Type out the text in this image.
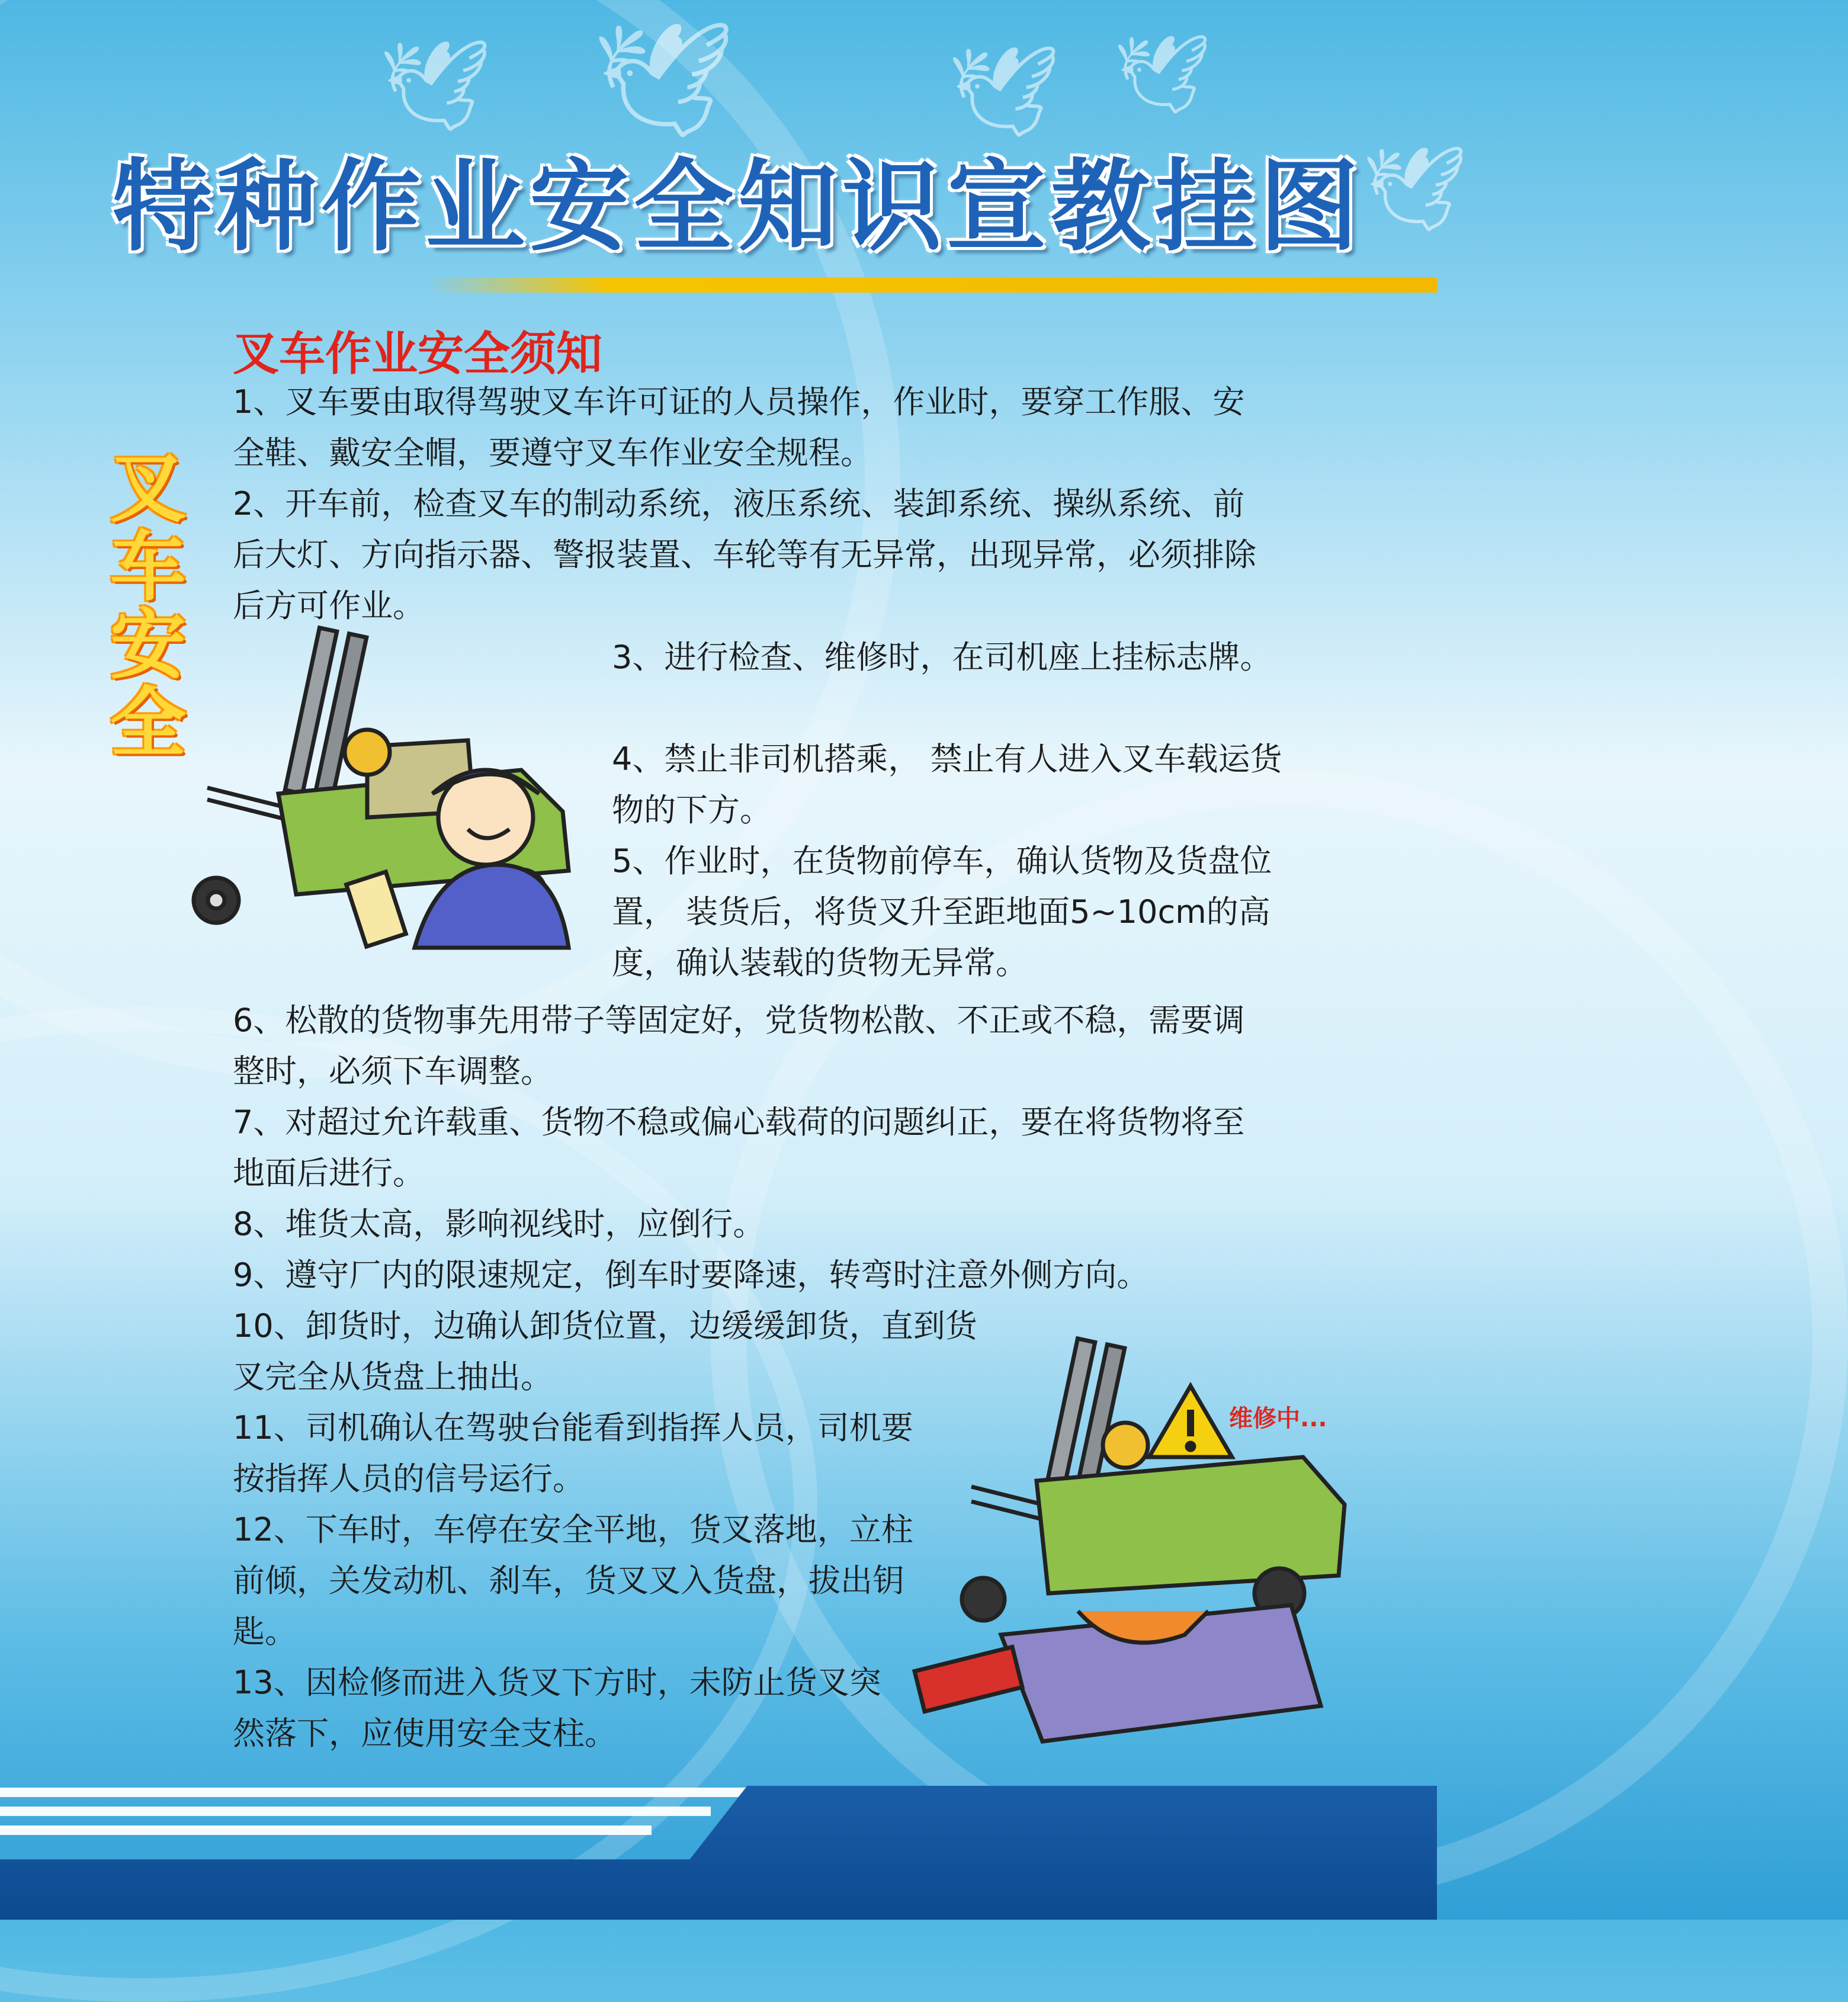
🕊 🕊 🕊 🕊
🕊
特种作业安全知识宣教挂图
叉车作业安全须知
叉车安全

1、叉车要由取得驾驶叉车许可证的人员操作，作业时，要穿工作服、安全鞋、戴安全帽，要遵守叉车作业安全规程。

2、开车前，检查叉车的制动系统，液压系统、装卸系统、操纵系统、前后大灯、方向指示器、警报装置、车轮等有无异常，出现异常，必须排除后方可作业。

3、进行检查、维修时，在司机座上挂标志牌。

4、禁止非司机搭乘， 禁止有人进入叉车载运货物的下方。

5、作业时，在货物前停车，确认货物及货盘位置， 装货后，将货叉升至距地面5~10cm的高度，确认装载的货物无异常。

6、松散的货物事先用带子等固定好，党货物松散、不正或不稳，需要调整时，必须下车调整。

7、对超过允许载重、货物不稳或偏心载荷的问题纠正，要在将货物将至地面后进行。

8、堆货太高，影响视线时，应倒行。

9、遵守厂内的限速规定，倒车时要降速，转弯时注意外侧方向。

10、卸货时，边确认卸货位置，边缓缓卸货，直到货叉完全从货盘上抽出。

11、司机确认在驾驶台能看到指挥人员，司机要按指挥人员的信号运行。

12、下车时，车停在安全平地，货叉落地，立柱前倾，关发动机、刹车，货叉叉入货盘，拔出钥匙。

13、因检修而进入货叉下方时，未防止货叉突然落下，应使用安全支柱。

维修中...
